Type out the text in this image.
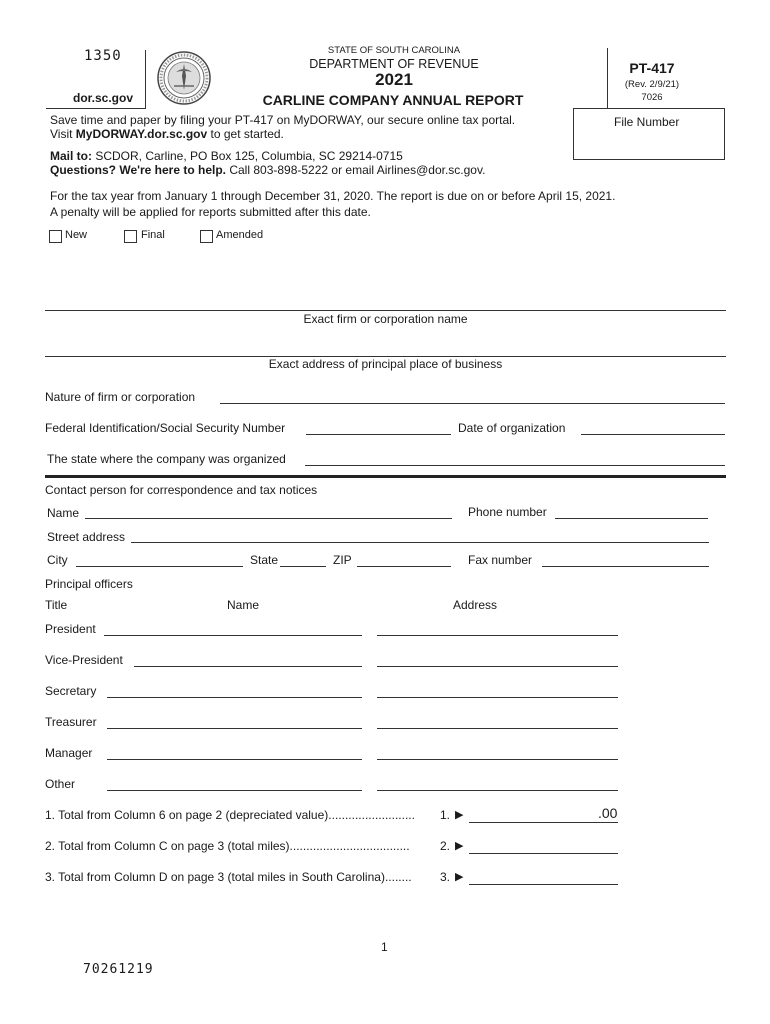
1350
dor.sc.gov
STATE OF SOUTH CAROLINA
DEPARTMENT OF REVENUE
2021
CARLINE COMPANY ANNUAL REPORT
PT-417
(Rev. 2/9/21)
7026
File Number
Save time and paper by filing your PT-417 on MyDORWAY, our secure online tax portal.
Visit MyDORWAY.dor.sc.gov to get started.
Mail to: SCDOR, Carline, PO Box 125, Columbia, SC 29214-0715
Questions? We're here to help. Call 803-898-5222 or email Airlines@dor.sc.gov.
For the tax year from January 1 through December 31, 2020. The report is due on or before April 15, 2021.
A penalty will be applied for reports submitted after this date.
New	Final	Amended
Exact firm or corporation name
Exact address of principal place of business
Nature of firm or corporation
Federal Identification/Social Security Number	Date of organization
The state where the company was organized
Contact person for correspondence and tax notices
Name	Phone number
Street address
City	State	ZIP	Fax number
Principal officers
Title	Name	Address
President
Vice-President
Secretary
Treasurer
Manager
Other
1. Total from Column 6 on page 2 (depreciated value).......................... 1. ▶	.00
2. Total from Column C on page 3 (total miles)....................................	2. ▶
3. Total from Column D on page 3 (total miles in South Carolina)........ 3. ▶
1
70261219
